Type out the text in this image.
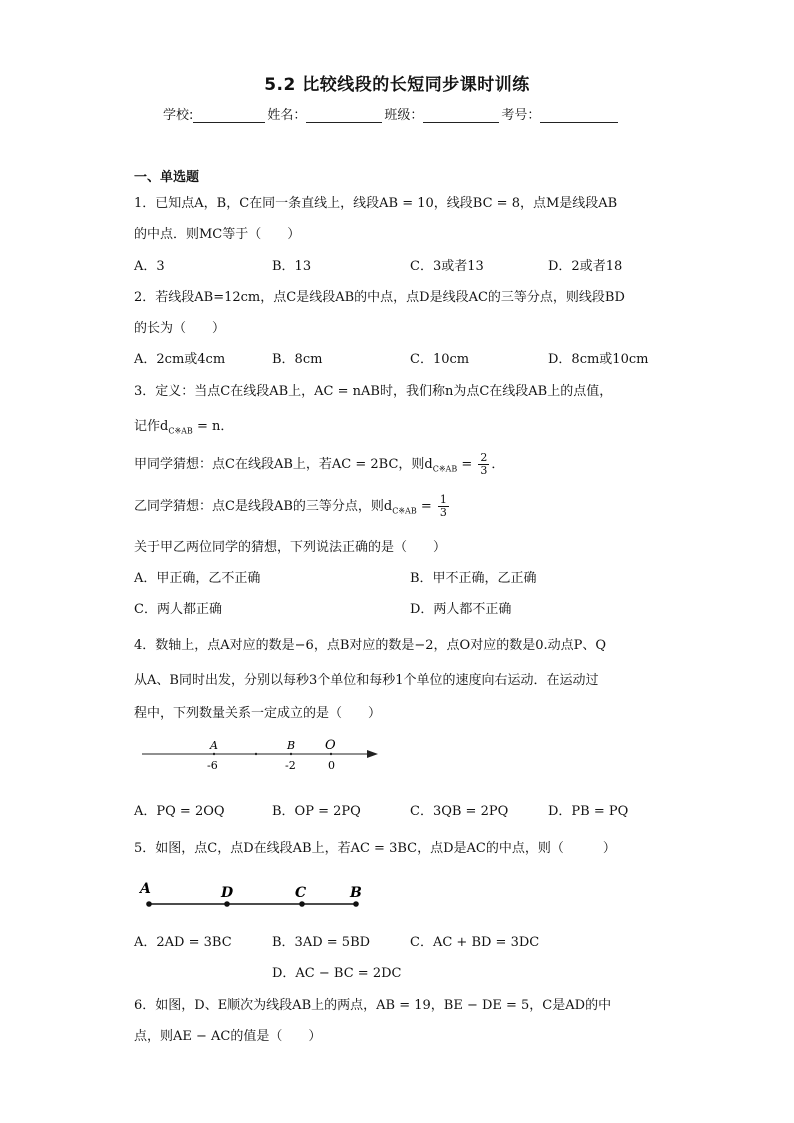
5.2 比较线段的长短同步课时训练
学校:	姓名：	班级：	考号：
一、单选题
1．已知点A，B，C在同一条直线上，线段AB = 10，线段BC = 8，点M是线段AB
的中点．则MC等于（　　）
A．3	B．13	C．3或者13	D．2或者18
2．若线段AB=12cm，点C是线段AB的中点，点D是线段AC的三等分点，则线段BD
的长为（　　）
A．2cm或4cm	B．8cm	C．10cm	D．8cm或10cm
3．定义：当点C在线段AB上，AC = nAB时，我们称n为点C在线段AB上的点值，
记作$d_{C※AB} = n$．
甲同学猜想：点C在线段AB上，若AC = 2BC，则$d_{C※AB} = \frac{2}{3}$ ．
乙同学猜想：点C是线段AB的三等分点，则$d_{C※AB} = \frac{1}{3}$
关于甲乙两位同学的猜想，下列说法正确的是（　　）
A．甲正确，乙不正确	B．甲不正确，乙正确
C．两人都正确	D．两人都不正确
4．数轴上，点A对应的数是−6，点B对应的数是−2，点O对应的数是0.动点P、Q
从A、B同时出发，分别以每秒3个单位和每秒1个单位的速度向右运动．在运动过
程中，下列数量关系一定成立的是（　　）
A	B O
-6	-2	0
A．PQ = 2OQ	B．OP = 2PQ	C．3QB = 2PQ	D．PB = PQ
5．如图，点C，点D在线段AB上，若AC = 3BC，点D是AC的中点，则（　　　）
A	D	C	B
A．2AD = 3BC	B．3AD = 5BD	C．AC + BD = 3DC
D．AC − BC = 2DC
6．如图，D、E顺次为线段AB上的两点，AB = 19，BE − DE = 5，C是AD的中
点，则AE − AC的值是（　　）
